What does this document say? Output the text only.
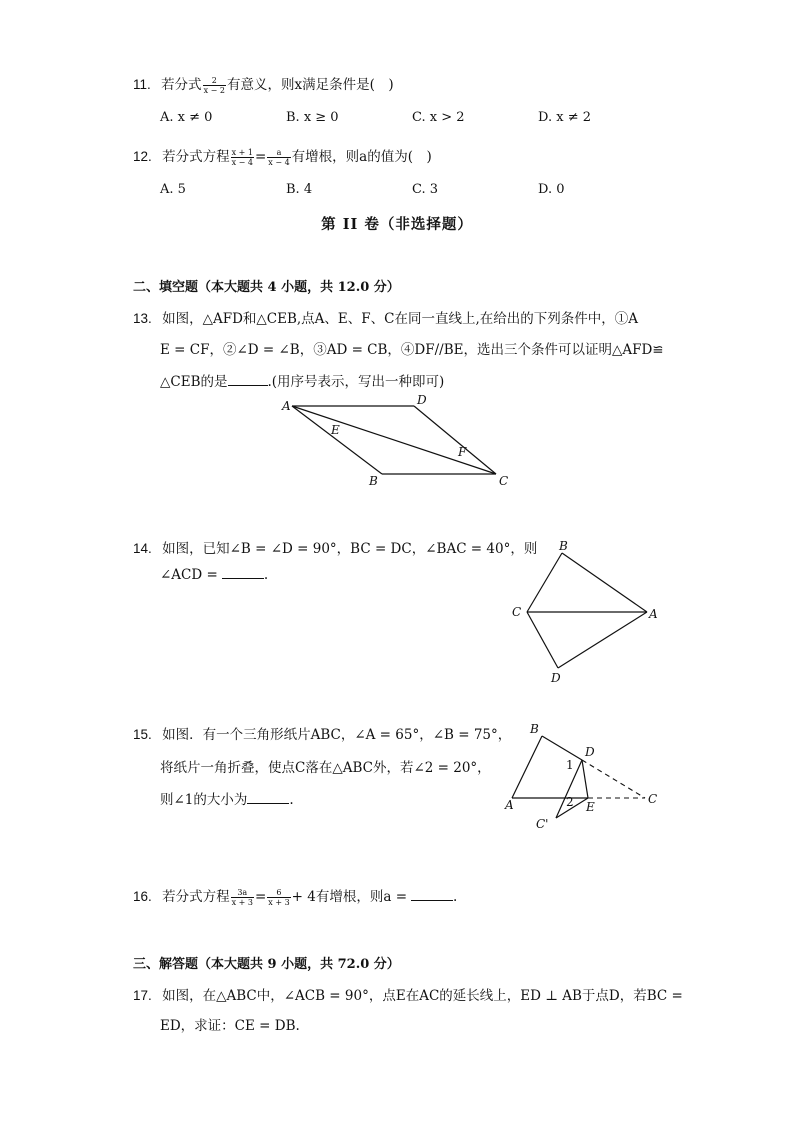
11. 若分式 $\frac{2}{x - 2}$ 有意义，则x满足条件是(　)
A. x ≠ 0	B. x ≥ 0	C. x > 2	D. x ≠ 2
12. 若分式方程 $\frac{x + 1}{x - 4} = \frac{a}{x - 4}$ 有增根，则a的值为(　)
A. 5	B. 4	C. 3	D. 0
第 II 卷（非选择题）
二、填空题（本大题共 4 小题，共 12.0 分）
13. 如图，△AFD和△CEB,点A、E、F、C在同一直线上,在给出的下列条件中，①A
E = CF，②∠D = ∠B，③AD = CB，④DF//BE，选出三个条件可以证明△AFD≌
△CEB的是	.(用序号表示，写出一种即可)
A	D
E
F
B	C
14. 如图，已知∠B = ∠D = 90°，BC = DC，∠BAC = 40°，则
∠ACD =	.
B
C	A
D
15. 如图．有一个三角形纸片ABC，∠A = 65°，∠B = 75°，
将纸片一角折叠，使点C落在△ABC外，若∠2 = 20°，
则∠1的大小为	.
B
D
1
2
A	E
C
C'
16. 若分式方程 $\frac{3a}{x + 3} = \frac{6}{x + 3} + 4$有增根，则a =	.
三、解答题（本大题共 9 小题，共 72.0 分）
17. 如图，在△ABC中，∠ACB = 90°，点E在AC的延长线上，ED ⊥ AB于点D，若BC =
ED，求证：CE = DB.
